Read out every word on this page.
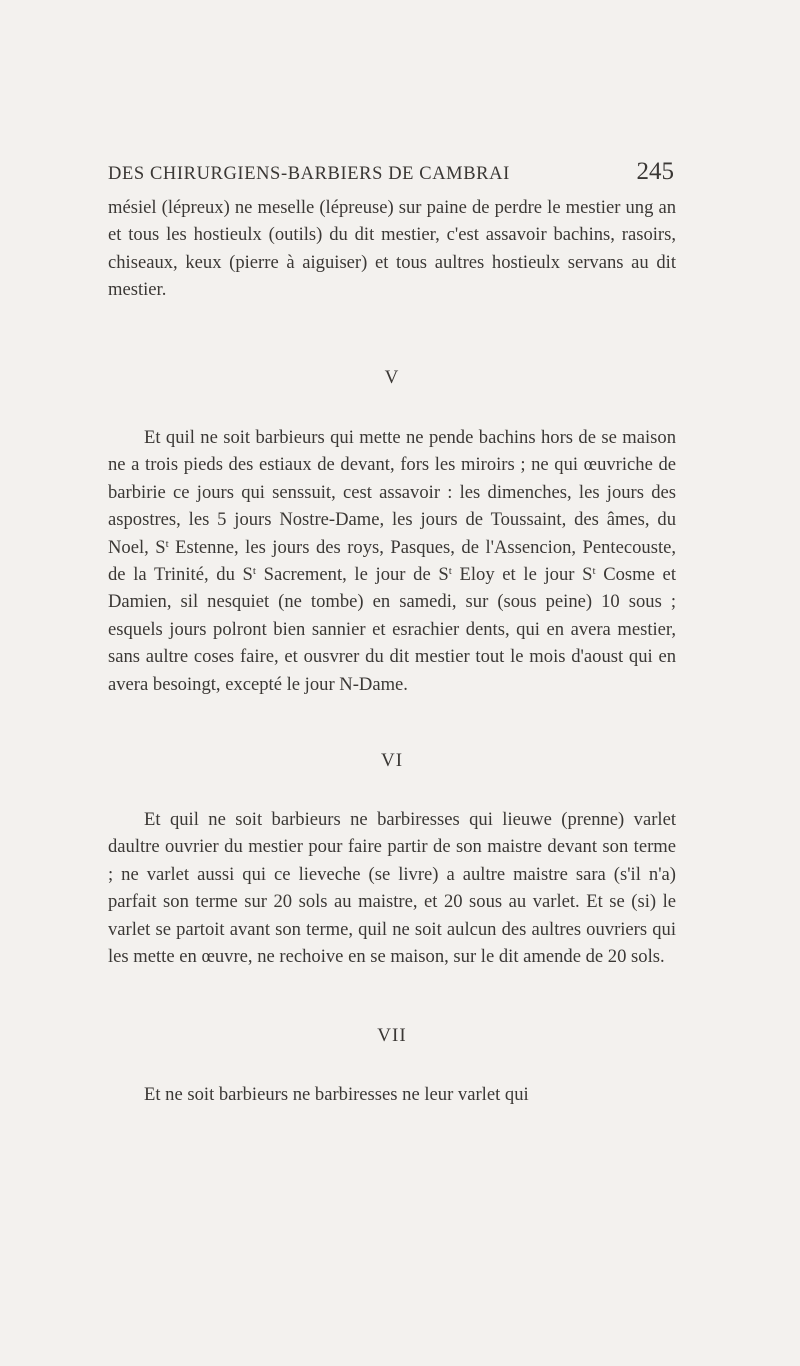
DES CHIRURGIENS-BARBIERS DE CAMBRAI	245
mésiel (lépreux) ne meselle (lépreuse) sur paine de perdre le mestier ung an et tous les hostieulx (outils) du dit mestier, c'est assavoir bachins, rasoirs, chiseaux, keux (pierre à aiguiser) et tous aultres hostieulx servans au dit mestier.
V
Et quil ne soit barbieurs qui mette ne pende bachins hors de se maison ne a trois pieds des estiaux de devant, fors les miroirs ; ne qui œuvriche de barbirie ce jours qui senssuit, cest assavoir : les dimenches, les jours des aspostres, les 5 jours Nostre-Dame, les jours de Toussaint, des âmes, du Noel, $S^t$ Estenne, les jours des roys, Pasques, de l'Assencion, Pentecouste, de la Trinité, du $S^t$ Sacrement, le jour de $S^t$ Eloy et le jour $S^t$ Cosme et Damien, sil nesquiet (ne tombe) en samedi, sur (sous peine) 10 sous ; esquels jours polront bien sannier et esrachier dents, qui en avera mestier, sans aultre coses faire, et ousvrer du dit mestier tout le mois d'aoust qui en avera besoingt, excepté le jour N-Dame.
VI
Et quil ne soit barbieurs ne barbiresses qui lieuwe (prenne) varlet daultre ouvrier du mestier pour faire partir de son maistre devant son terme ; ne varlet aussi qui ce lieveche (se livre) a aultre maistre sara (s'il n'a) parfait son terme sur 20 sols au maistre, et 20 sous au varlet. Et se (si) le varlet se partoit avant son terme, quil ne soit aulcun des aultres ouvriers qui les mette en œuvre, ne rechoive en se maison, sur le dit amende de 20 sols.
VII
Et ne soit barbieurs ne barbiresses ne leur varlet qui
